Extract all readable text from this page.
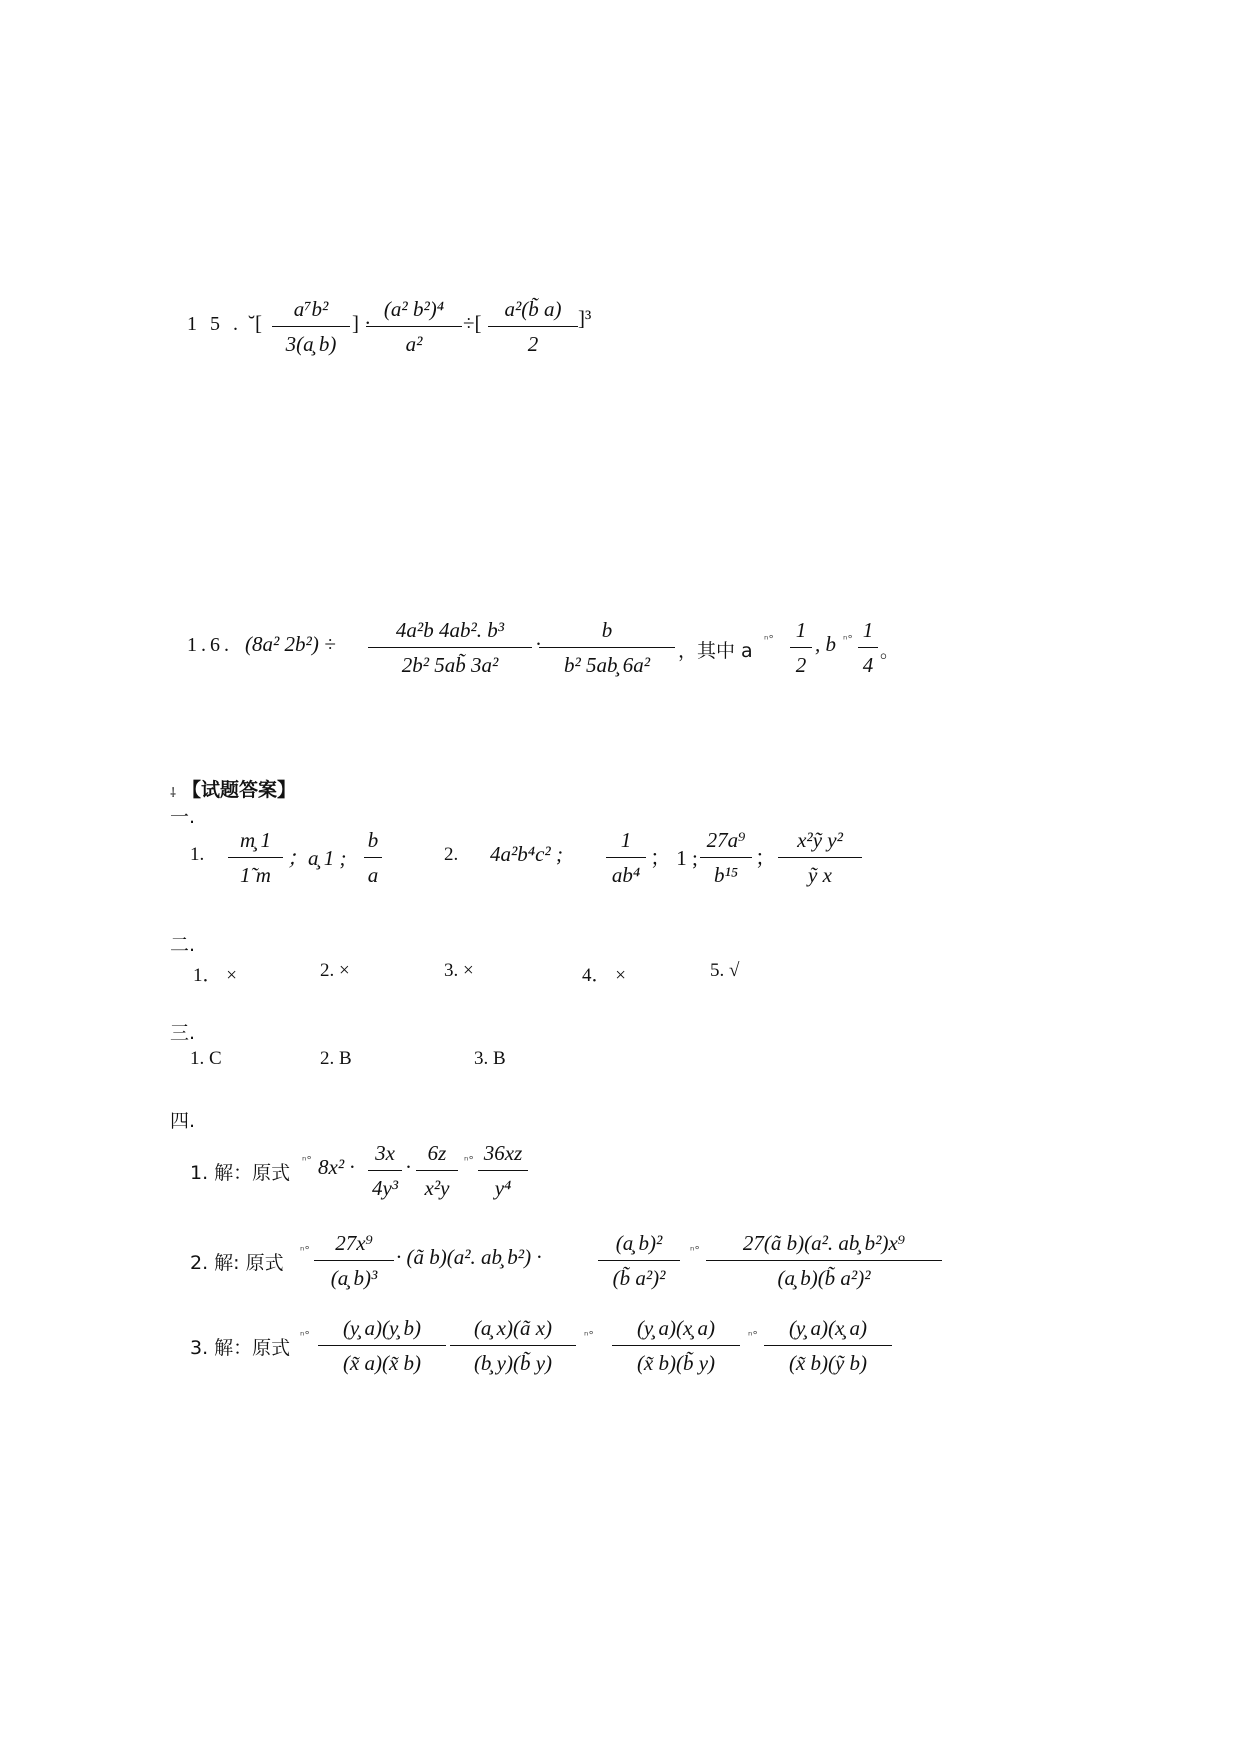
1 5 . ˘[
a⁷b²
3(a̧ b)
] ·
(a² b²)⁴
a²
÷[
a²(b̃ a)
2
]³
1.6. (8a² 2b²) ÷
4a²b 4ab². b³
2b² 5ab̃ 3a²
·
b
b² 5ab̧ 6a²
，其中 a
ⁿ° 1
2
, b ⁿ° 1
4
。
⸸ 【试题答案】
一.
1.
m̧ 1
1̃ m
；a̧ 1 ;
b
a
2. 4a²b⁴c² ;
1
ab⁴
； 1 ;
27a⁹
b¹⁵
；
x²ỹ y²
ỹ x
二.
1． ×	2. ×	3. ×	4． ×	5. √
三.
1. C	2. B	3. B
四.
1. 解：原式
ⁿ° 8x² ·
3x
4y³
·
6z
x²y
ⁿ° 36xz
y⁴
2. 解: 原式
ⁿ°	27x⁹
(a̧ b)³
· (ã b)(a². ab̧ b²) ·
(a̧ b)²
(b̃ a²)²
ⁿ°	27(ã b)(a². ab̧ b²)x⁹
(a̧ b)(b̃ a²)²
3. 解：原式
ⁿ°	(y̧ a)(y̧ b)
(x̃ a)(x̃ b)
(a̧ x)(ã x)
(b̧ y)(b̃ y)
ⁿ°	(y̧ a)(x̧ a)
(x̃ b)(b̃ y)
ⁿ°	(y̧ a)(x̧ a)
(x̃ b)(ỹ b)
